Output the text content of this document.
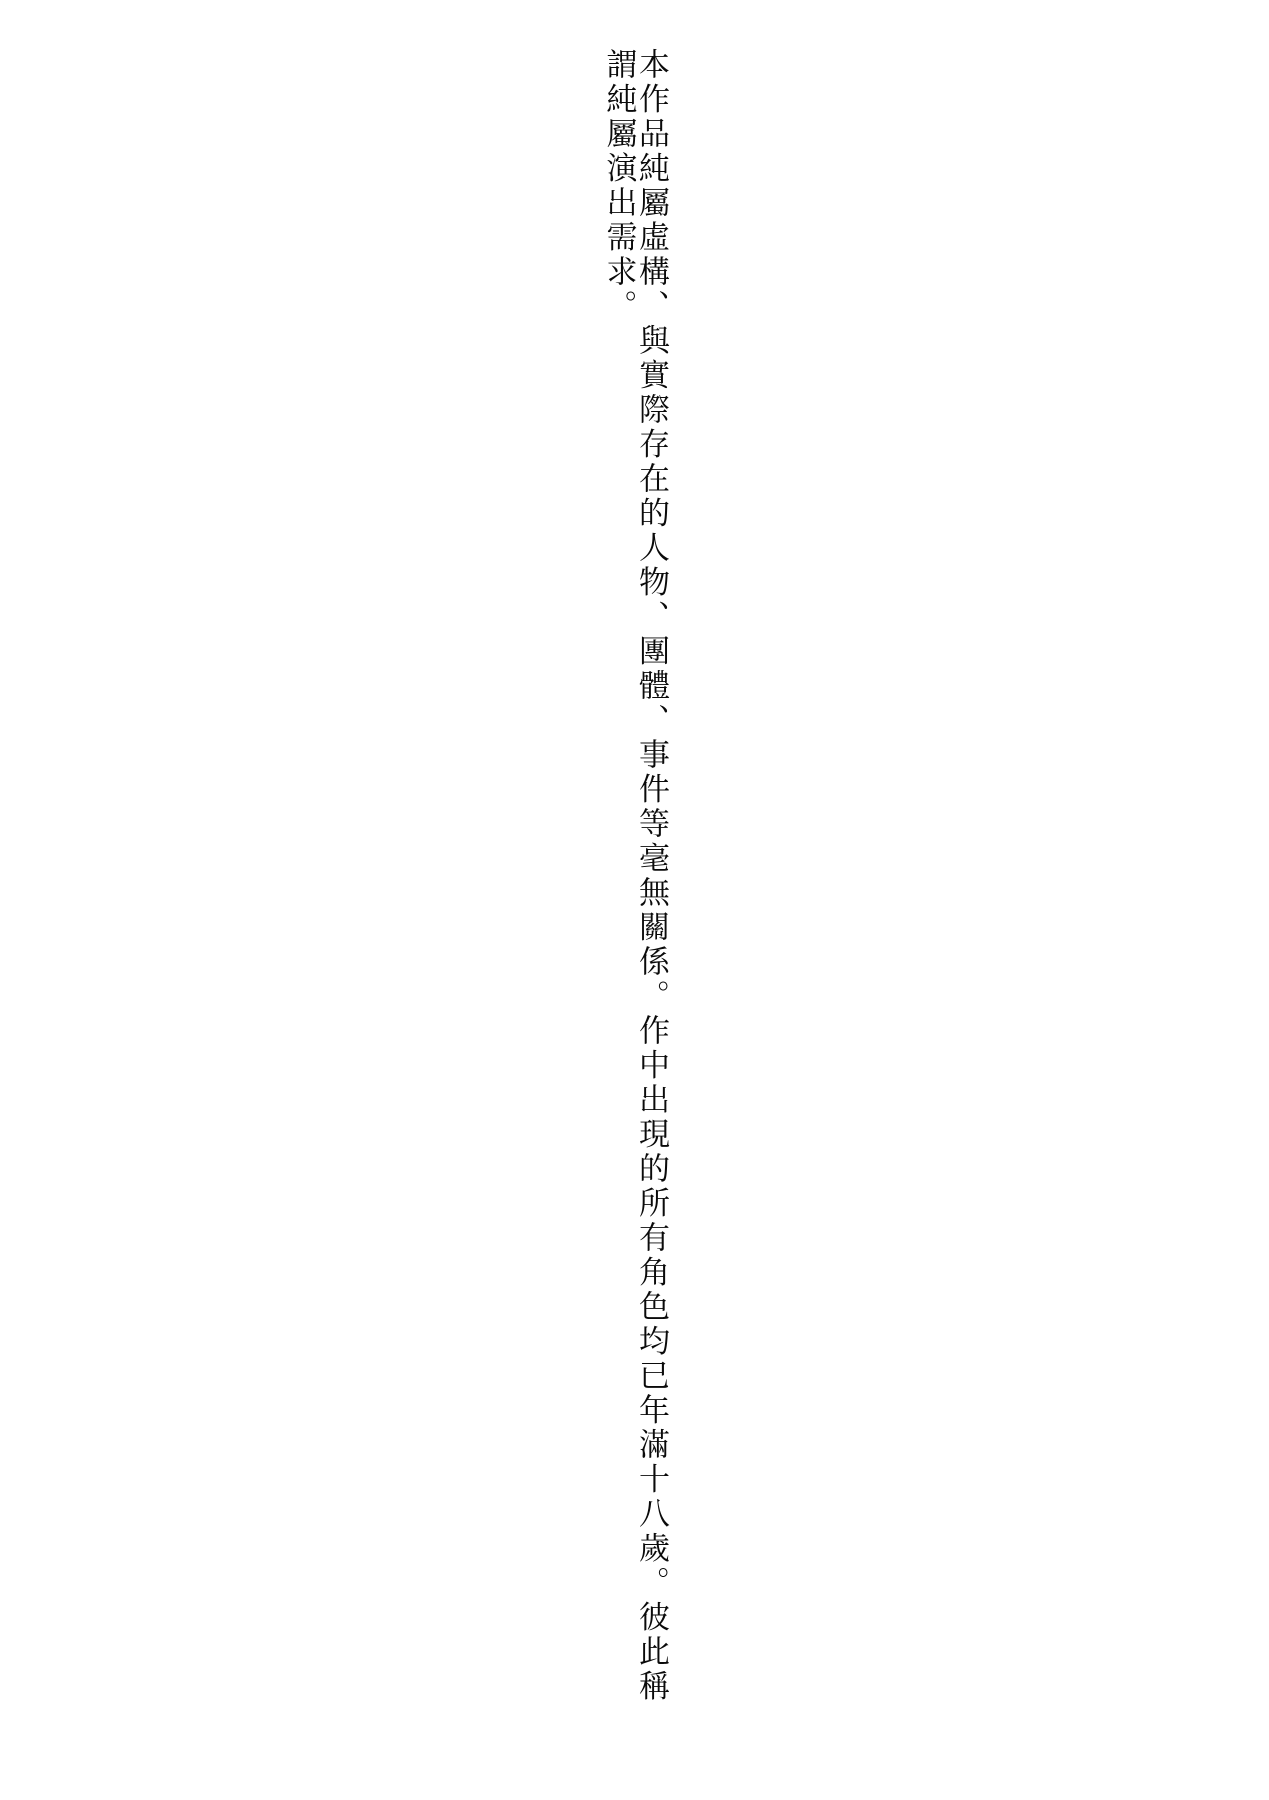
本作品純屬虛構、與實際存在的人物、團體、事件等毫無關係。作中出現的所有角色均已年滿十八歲。彼此稱謂純屬演出需求。
